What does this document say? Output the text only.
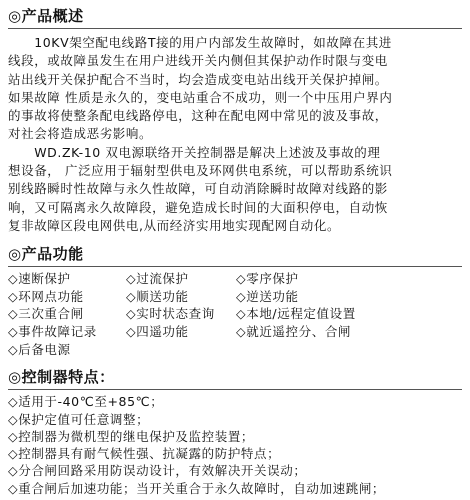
◎产品概述
　　10KV架空配电线路T接的用户内部发生故障时，如故障在其进
线段，或故障虽发生在用户进线开关内侧但其保护动作时限与变电
站出线开关保护配合不当时，均会造成变电站出线开关保护掉闸。
如果故障 性质是永久的，变电站重合不成功，则一个中压用户界内
的事故将使整条配电线路停电，这种在配电网中常见的波及事故，
对社会将造成恶劣影响。
　　WD.ZK-10 双电源联络开关控制器是解决上述波及事故的理
想设备， 广泛应用于辐射型供电及环网供电系统，可以帮助系统识
别线路瞬时性故障与永久性故障，可自动消除瞬时故障对线路的影
响，又可隔离永久故障段，避免造成长时间的大面积停电，自动恢
复非故障区段电网供电,从而经济实用地实现配网自动化。
◎产品功能
◇速断保护	◇过流保护	◇零序保护
◇环网点功能	◇顺送功能	◇逆送功能
◇三次重合闸	◇实时状态查询	◇本地/远程定值设置
◇事件故障记录	◇四遥功能	◇就近遥控分、合闸
◇后备电源
◎控制器特点：
◇适用于-40℃至+85℃；
◇保护定值可任意调整；
◇控制器为微机型的继电保护及监控装置；
◇控制器具有耐气候性强、抗凝露的防护特点；
◇分合闸回路采用防误动设计，有效解决开关误动；
◇重合闸后加速功能；当开关重合于永久故障时，自动加速跳闸；
